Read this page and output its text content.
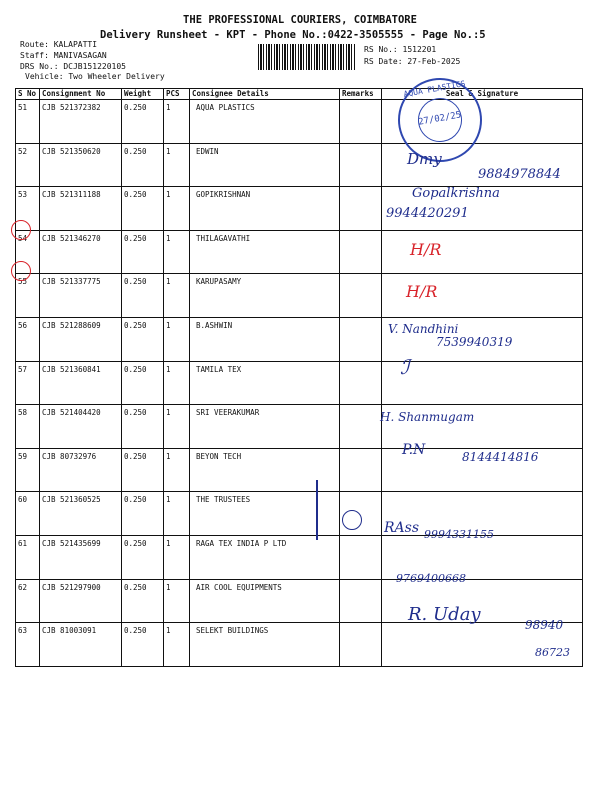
THE PROFESSIONAL COURIERS, COIMBATORE
Delivery Runsheet - KPT - Phone No.:0422-3505555 - Page No.:5
Route: KALAPATTI
Staff: MANIVASAGAN
DRS No.: DCJB151220105
Vehicle: Two Wheeler Delivery
RS No.: 1512201
RS Date: 27-Feb-2025
S No	Consignment No	Weight	PCS	Consignee Details	Remarks	Seal & Signature
51	CJB 521372382	0.250	1	AQUA PLASTICS		
52	CJB 521350620	0.250	1	EDWIN		
53	CJB 521311188	0.250	1	GOPIKRISHNAN		
54	CJB 521346270	0.250	1	THILAGAVATHI		
55	CJB 521337775	0.250	1	KARUPASAMY		
56	CJB 521288609	0.250	1	B.ASHWIN		
57	CJB 521360841	0.250	1	TAMILA TEX		
58	CJB 521404420	0.250	1	SRI VEERAKUMAR		
59	CJB 80732976	0.250	1	BEYON TECH		
60	CJB 521360525	0.250	1	THE TRUSTEES		
61	CJB 521435699	0.250	1	RAGA TEX INDIA P LTD		
62	CJB 521297900	0.250	1	AIR COOL EQUIPMENTS		
63	CJB 81003091	0.250	1	SELEKT BUILDINGS		
AQUA PLASTICS
27/02/25
Dmy
9884978844
Gopalkrishna
9944420291
H/R
H/R
V. Nandhini
7539940319
ℐ
H. Shanmugam
P.N	8144414816
RAss 9994331155
9769400668
R. Uday	98940
86723
